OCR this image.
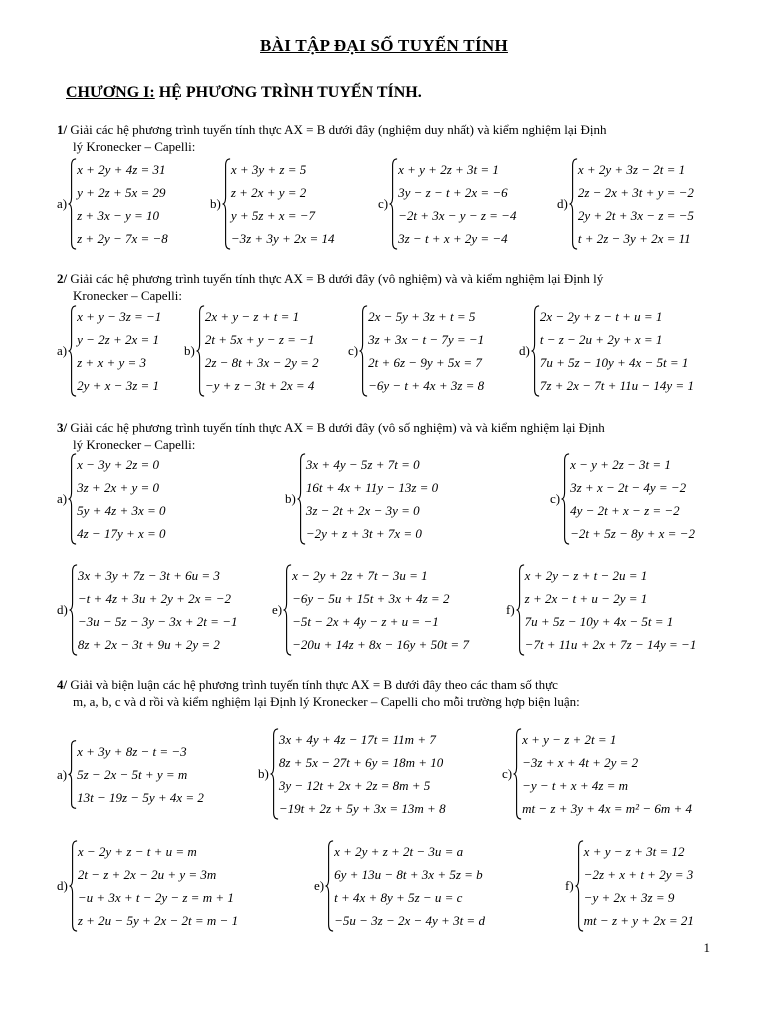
BÀI TẬP ĐẠI SỐ TUYẾN TÍNH
CHƯƠNG I: HỆ PHƯƠNG TRÌNH TUYẾN TÍNH.
1/ Giải các hệ phương trình tuyến tính thực AX = B dưới đây (nghiệm duy nhất) và kiểm nghiệm lại Định
lý Kronecker – Capelli:
a)
x + 2y + 4z = 31
y + 2z + 5x = 29
z + 3x − y = 10
z + 2y − 7x = −8
b)
x + 3y + z = 5
z + 2x + y = 2
y + 5z + x = −7
−3z + 3y + 2x = 14
c)
x + y + 2z + 3t = 1
3y − z − t + 2x = −6
−2t + 3x − y − z = −4
3z − t + x + 2y = −4
d)
x + 2y + 3z − 2t = 1
2z − 2x + 3t + y = −2
2y + 2t + 3x − z = −5
t + 2z − 3y + 2x = 11
2/ Giải các hệ phương trình tuyến tính thực AX = B dưới đây (vô nghiệm) và và kiểm nghiệm lại Định lý
Kronecker – Capelli:
a)
x + y − 3z = −1
y − 2z + 2x = 1
z + x + y = 3
2y + x − 3z = 1
b)
2x + y − z + t = 1
2t + 5x + y − z = −1
2z − 8t + 3x − 2y = 2
−y + z − 3t + 2x = 4
c)
2x − 5y + 3z + t = 5
3z + 3x − t − 7y = −1
2t + 6z − 9y + 5x = 7
−6y − t + 4x + 3z = 8
d)
2x − 2y + z − t + u = 1
t − z − 2u + 2y + x = 1
7u + 5z − 10y + 4x − 5t = 1
7z + 2x − 7t + 11u − 14y = 1
3/ Giải các hệ phương trình tuyến tính thực AX = B dưới đây (vô số nghiệm) và và kiểm nghiệm lại Định
lý Kronecker – Capelli:
a)
x − 3y + 2z = 0
3z + 2x + y = 0
5y + 4z + 3x = 0
4z − 17y + x = 0
b)
3x + 4y − 5z + 7t = 0
16t + 4x + 11y − 13z = 0
3z − 2t + 2x − 3y = 0
−2y + z + 3t + 7x = 0
c)
x − y + 2z − 3t = 1
3z + x − 2t − 4y = −2
4y − 2t + x − z = −2
−2t + 5z − 8y + x = −2
d)
3x + 3y + 7z − 3t + 6u = 3
−t + 4z + 3u + 2y + 2x = −2
−3u − 5z − 3y − 3x + 2t = −1
8z + 2x − 3t + 9u + 2y = 2
e)
x − 2y + 2z + 7t − 3u = 1
−6y − 5u + 15t + 3x + 4z = 2
−5t − 2x + 4y − z + u = −1
−20u + 14z + 8x − 16y + 50t = 7
f)
x + 2y − z + t − 2u = 1
z + 2x − t + u − 2y = 1
7u + 5z − 10y + 4x − 5t = 1
−7t + 11u + 2x + 7z − 14y = −1
4/ Giải và biện luận các hệ phương trình tuyến tính thực AX = B dưới đây theo các tham số thực
m, a, b, c và d rồi và kiểm nghiệm lại Định lý Kronecker – Capelli cho mỗi trường hợp biện luận:
a)
x + 3y + 8z − t = −3
5z − 2x − 5t + y = m
13t − 19z − 5y + 4x = 2
b)
3x + 4y + 4z − 17t = 11m + 7
8z + 5x − 27t + 6y = 18m + 10
3y − 12t + 2x + 2z = 8m + 5
−19t + 2z + 5y + 3x = 13m + 8
c)
x + y − z + 2t = 1
−3z + x + 4t + 2y = 2
−y − t + x + 4z = m
mt − z + 3y + 4x = m² − 6m + 4
d)
x − 2y + z − t + u = m
2t − z + 2x − 2u + y = 3m
−u + 3x + t − 2y − z = m + 1
z + 2u − 5y + 2x − 2t = m − 1
e)
x + 2y + z + 2t − 3u = a
6y + 13u − 8t + 3x + 5z = b
t + 4x + 8y + 5z − u = c
−5u − 3z − 2x − 4y + 3t = d
f)
x + y − z + 3t = 12
−2z + x + t + 2y = 3
−y + 2x + 3z = 9
mt − z + y + 2x = 21
1
